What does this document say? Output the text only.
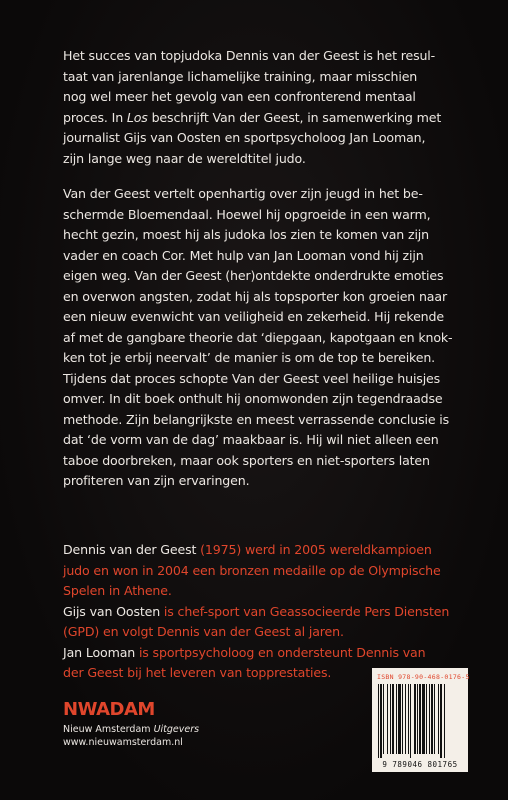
Het succes van topjudoka Dennis van der Geest is het resul-

taat van jarenlange lichamelijke training, maar misschien

nog wel meer het gevolg van een confronterend mentaal

proces. In Los beschrijft Van der Geest, in samenwerking met

journalist Gijs van Oosten en sportpsycholoog Jan Looman,

zijn lange weg naar de wereldtitel judo.

Van der Geest vertelt openhartig over zijn jeugd in het be-

schermde Bloemendaal. Hoewel hij opgroeide in een warm,

hecht gezin, moest hij als judoka los zien te komen van zijn

vader en coach Cor. Met hulp van Jan Looman vond hij zijn

eigen weg. Van der Geest (her)ontdekte onderdrukte emoties

en overwon angsten, zodat hij als topsporter kon groeien naar

een nieuw evenwicht van veiligheid en zekerheid. Hij rekende

af met de gangbare theorie dat ‘diepgaan, kapotgaan en knok-

ken tot je erbij neervalt’ de manier is om de top te bereiken.

Tijdens dat proces schopte Van der Geest veel heilige huisjes

omver. In dit boek onthult hij onomwonden zijn tegendraadse

methode. Zijn belangrijkste en meest verrassende conclusie is

dat ‘de vorm van de dag’ maakbaar is. Hij wil niet alleen een

taboe doorbreken, maar ook sporters en niet-sporters laten

profiteren van zijn ervaringen.

Dennis van der Geest (1975) werd in 2005 wereldkampioen

judo en won in 2004 een bronzen medaille op de Olympische

Spelen in Athene.

Gijs van Oosten is chef-sport van Geassocieerde Pers Diensten

(GPD) en volgt Dennis van der Geest al jaren.

Jan Looman is sportpsycholoog en ondersteunt Dennis van

der Geest bij het leveren van topprestaties.

NWADAM
Nieuw Amsterdam Uitgevers
www.nieuwamsterdam.nl
ISBN 978-90-468-0176-5
9 789046 801765
